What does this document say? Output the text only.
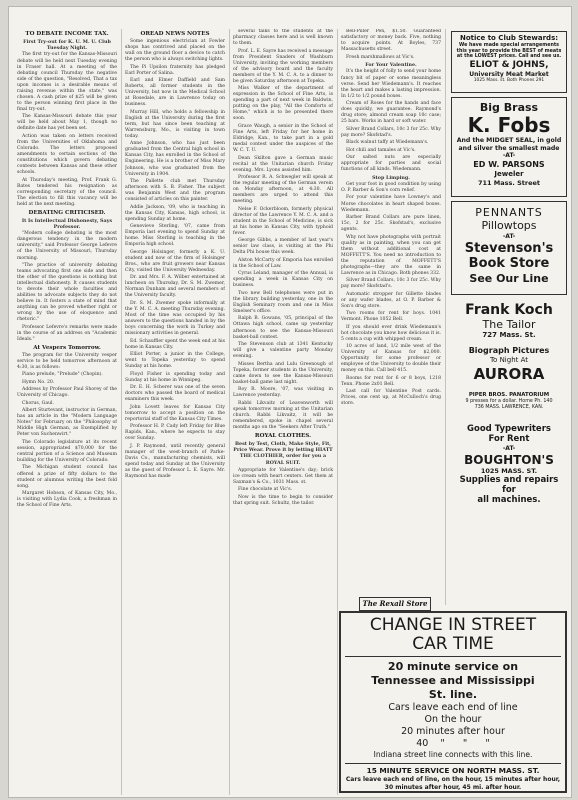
TO DEBATE INCOME TAX.

First Try-out for K. U. M. U. Club Tuesday Night.

The first try-out for the Kansas-Missouri debate will be held next Tuesday evening in Fraser hall. At a meeting of the debating council Thursday the negative side of the question, "Resolved, That a tax upon incomes is a desirable means of raising revenue within the state," was chosen. A cash prize of $25 will be given to the person winning first place in the final try-out.

The Kansas-Missouri debate this year will be held about May 1, though no definite date has yet been set.

Action was taken on letters received from the Universities of Oklahoma and Colorado. The letters proposed amendments to certain sections of the constitutions which govern debating contests between Kansas and these other schools.

At Thursday's meeting, Prof. Frank G. Bates tendered his resignation as corresponding secretary of the council. The election to fill this vacancy will be held at the next meeting.

DEBATING CRITICISED.

It Is Intellectual Dishonesty, Says Professor.

"Modern college debating is the most dangerous tendency in the modern university," said Professor George Lefevre of the University of Missouri, Thursday morning.

"The practice of university debating teams advocating first one side and then the other of the questions is nothing but intellectual dishonesty. It causes students to devote their whole faculties and abilities to advocate subjects they do not believe in. It fosters a state of mind that anything can be proved whether right or wrong by the use of eloquence and rhetoric."

Professor Lefevre's remarks were made in the course of an address on "Academic Ideals."

At Vespers Tomorrow.

The program for the University vesper service to be held tomorrow afternoon at 4:30, is as follows:

Piano prelude, "Prelude" (Chopin).

Hymn No. 20.

Address by Professor Paul Shorey of the University of Chicago.

Chorus, Gaul.

Albert Sturtevant, instructor in German, has an article in the "Modern Language Notes" for February on the "Philosophy of Middle High German, as Exemplified by Peter von Suchenwirt."

The Colorado legislature at its recent session, appropriated $70,000 for the central portion of a Science and Museum building for the University of Colorado.

The Michigan student council has offered a prize of fifty dollars to the student or alumnus writing the best fold song.

Margaret Hobson, of Kansas City, Mo., is visiting with Lydia Cook, a freshman in the School of Fine Arts.

OREAD NEWS NOTES

Some ingenious electrician at Fowler shops has contrived and placed on the wall on the ground floor a device to catch the person who is always switching lights.

The Pi Upsilon fraternity has pledged Earl Porter of Salina.

Earl and Elmer Daffield and Sam Roberts, all former students in the University, but now in the Medical School at Rosedale, are in Lawrence today on business.

Murray Hill, who holds a fellowship in English at the University during the first term, but has since been teaching at Warrensburg, Mo., is visiting in town today.

Anne Johnson, who has just been graduated from the Central high school in Kansas City, has enrolled in the School of Engineering. He is a brother of Miss Mary Johnson, who was graduated from the University in 1904.

The Pallette club met Thursday afternoon with S. B. Fisher. The subject was Benjamin West and the program consisted of articles on this painter.

Addie Jackson, '09, who is teaching in the Kansas City, Kansas, high school, is spending Sunday at home.

Genevieve Sterling, '07, came from Emporia last evening to spend Sunday at home. Miss Sterling is teaching in the Emporia high school.

George Holsinger, formerly a K. U. student and now of the firm of Holsinger Bros., who are fruit growers near Kansas City, visited the University Wednesday.

Dr. and Mrs. F. A. Wilber entertained at luncheon on Thursday, Dr. S. M. Zwemer, Norman Dunham and several members of the University faculty.

Dr. S. M. Zwemer spoke informally at the Y. M. C. A. meeting Thursday evening. Most of the time was occupied by his answers to the questions handed in by the boys concerning the work in Turkey and missionary activities in general.

Ed. Schauffler spent the week end at his home in Kansas City.

Elliot Porter, a junior in the College, went to Topeka yesterday to spend Sunday at his home.

Floyd Fisher is spending today and Sunday at his home in Winnipeg.

Dr. E. H. Scherer was one of the seven doctors who passed the board of medical examiners this week.

John Lovett leaves for Kansas City tomorrow to accept a position on the reportorial staff of the Kansas City Times.

Professor H. P. Cady left Friday for Blue Rapids, Kan., where he expects to stay over Sunday.

J. P. Raymond, until recently general manager of the west-branch of Parke-Davis Co., manufacturing chemists, will spend today and Sunday at the University as the guest of Professor L. E. Sayre. Mr. Raymond has made

several talks to the students at the pharmacy classes here and is well known to them.

Prof. L. E. Sayre has received a message from President Snaders of Washburn University, inviting the working members of the advisory board and the faculty members of the Y. M. C. A. to a dinner to be given Saturday afternoon at Topeka.

Miss Walker of the department of expression in the School of Fine Arts, is spending a part of next week in Baldwin, putting on the play, "All the Comforts of Home," which is to be presented there soon.

Grace Waugh, a senior in the School of Fine Arts, left Friday for her home in Eldridge, Kan., to take part in a gold medal contest under the auspices of the W. C. T. U.

Dean Skilton gave a German music recital at the Unitarian church Friday evening. Mrs. Lyons assisted him.

Professor R. A. Schwegler will speak at the regular meeting of the German verein on Monday afternoon, at 4:30. All members are urged to attend this meeting.

Nelse F. Ockerbloom, formerly physical director of the Lawrence Y. M. C. A. and a student in the School of Medicine, is sick at his home in Kansas City, with typhoid fever.

George Gibbs, a member of last year's senior law class, is visiting at the Phi Delta Phi house this week.

Alston McCarty of Emporia has enrolled in the School of Law.

Cyrus Leland, manager of the Annual, is spending a week in Kansas City on business.

Two new Bell telephones were put in the library building yesterday, one in the English Seminary room and one in Miss Smelser's office.

Ralph B. Gowans, '05, principal of the Ottawa high school, came up yesterday afternoon to see the Kansas-Missouri basket-ball contest.

The Stevenson club at 1341 Kentucky will give a valentine party Monday evening.

Misses Bertha and Lulu Greenough of Topeka, former students in the University, came down to see the Kansas-Missouri basket-ball game last night.

Roy R. Moore, '07, was visiting in Lawrence yesterday.

Rabbi Likvaitz of Leavenworth will speak tomorrow morning at the Unitarian church. Rabbi Likvaitz, it will be remembered, spoke in chapel several months ago on the "Seekers After Truth."

ROYAL CLOTHES.

Best by Test, Cloth, Make Style, Fit, Price Wear. Prove it by letting HIATT THE CLOTHIER, order for you a

ROYAL SUIT.

Appropriate for Valentine's day; brick ice cream with heart centers. Get them at Saxman's & Co., 1031 Mass. st.

Fine chocolate at Vic's.

Now is the time to begin to consider that spring suit. Schultz, the tailor.

Bell-Piller Pen, $1.50. Guaranteed satisfactory or money back. Five, nothing to acquire points. At Boyles, 737 Massachusetts street.

Fresh marshmallows at Vic's.

For Your Valentine.

It's the height of folly to send your home fancy bit of paper or some meaningless verse. Send her Wiedemann's. It reaches the heart and makes a lasting impression. In 1/2 to 1/2 pound boxes.

Cream of Roses for the hands and face does quickly, we guarantee. Raymond's drug store; almond cream soap 10c case; 25 bars. Works in hard or soft water.

Silver Brand Collars, 10c 3 for 25c. Why pay more? Skofstad's.

Black walnut taffy at Wiedemann's.

Hot chili and tamales at Vic's.

Our salted nuts are especially appropriate for parties and social functions of all kinds. Wiedemann.

Stop Limping.

Get your foot in good condition by using O. P. Barber & Son's corn relief.

For your valentine have Lowney's and Morse chocolates in heart shaped boxes. Wiedemann.

Barber Brand Collars are pure linen, 15c, 2 for 25c. Skofstad's, exclusive agents.

Why not have photographs with portrait quality as in painting, when you can get them without additional cost at MOFFETT'S. You need no introduction to the reputation of MOFFETT'S photographs—they are the same in Lawrence as in Chicago. Both phones 332.

Silver Brand Collars, 10c 3 for 25c. Why pay more? Skofstad's.

Automatic stropper for Gillette blades or any wafer blades, at O. P. Barber & Son's drug store.

Two rooms for rent for boys. 1041 Vermont. Phone 1052 Bell.

If you should ever drink Wiedemann's hot chocolate you know how delicious it is. 5 cents a cup with whipped cream.

10 acres of land, 1/2 mile west of the University of Kansas for $2,000. Opportunity for some professor or employee of the University to double their money on this. Call bell 415.

Rooms for rent for 6 or 8 boys, 1218 Tenn. Phone 2x01 Bell.

Last call for Valentine Post cards. Prices, one cent up, at McCulloch's drug store.

The Rexall Store
Notice to Club Stewards:
We have made special arrangements this year to provide the BEST of meats at the LOWEST prices. Call and see us.
ELIOT & JOHNS,
University Meat Market
1025 Mass. st. Both Phones 291
Big Brass
K. Fobs
And the MIDGET SEAL, in gold and silver the smallest made
-AT-
ED W. PARSONS
Jeweler
711 Mass. Street
PENNANTS
Pillowtops
-AT-
Stevenson's
Book Store
See Our Line
Frank Koch
The Tailor
727 Mass. St.
Biograph Pictures
To Night At
AURORA
PIPER BROS. PANATORIUM
9 presses for a dollar. Home Ph. 140
736 MASS. LAWRENCE, KAN.
Good Typewriters
For Rent
-AT-
BOUGHTON'S
1025 MASS. ST.
Supplies and repairs for
all machines.
CHANGE IN STREET
CAR TIME
20 minute service on
Tennessee and Mississippi
St. line.
Cars leave each end of line
On the hour
20 minutes after hour
40    "      "      "
Indiana street line connects with this line.
15 MINUTE SERVICE ON NORTH MASS. ST.
Cars leave each end of line, on the hour, 15 minutes after hour, 30 minutes after hour, 45 mi. after hour.
